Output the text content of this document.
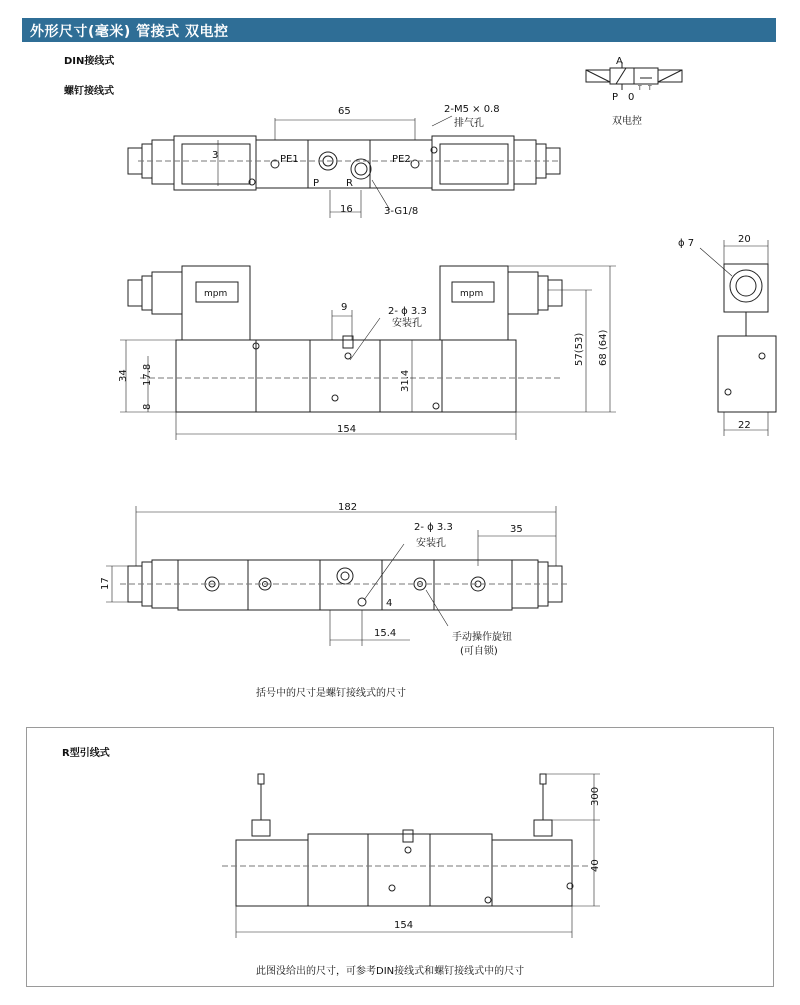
外形尺寸(毫米) 管接式 双电控
DIN接线式
螺钉接线式
A
P 0
T T
双电控
65
3
16
PE1	PE2
P	R
2-M5 × 0.8
排气孔
3-G1/8
9
34 17.8
8
31.4
154
57(53) 68 (64)
2- ϕ 3.3
安装孔
mpm	mpm
ϕ 7	20
22
182
35
17
4
15.4
2- ϕ 3.3
安装孔
手动操作旋钮
(可自锁)
300
40
154
括号中的尺寸是螺钉接线式的尺寸
R型引线式
此图没给出的尺寸，可参考DIN接线式和螺钉接线式中的尺寸
